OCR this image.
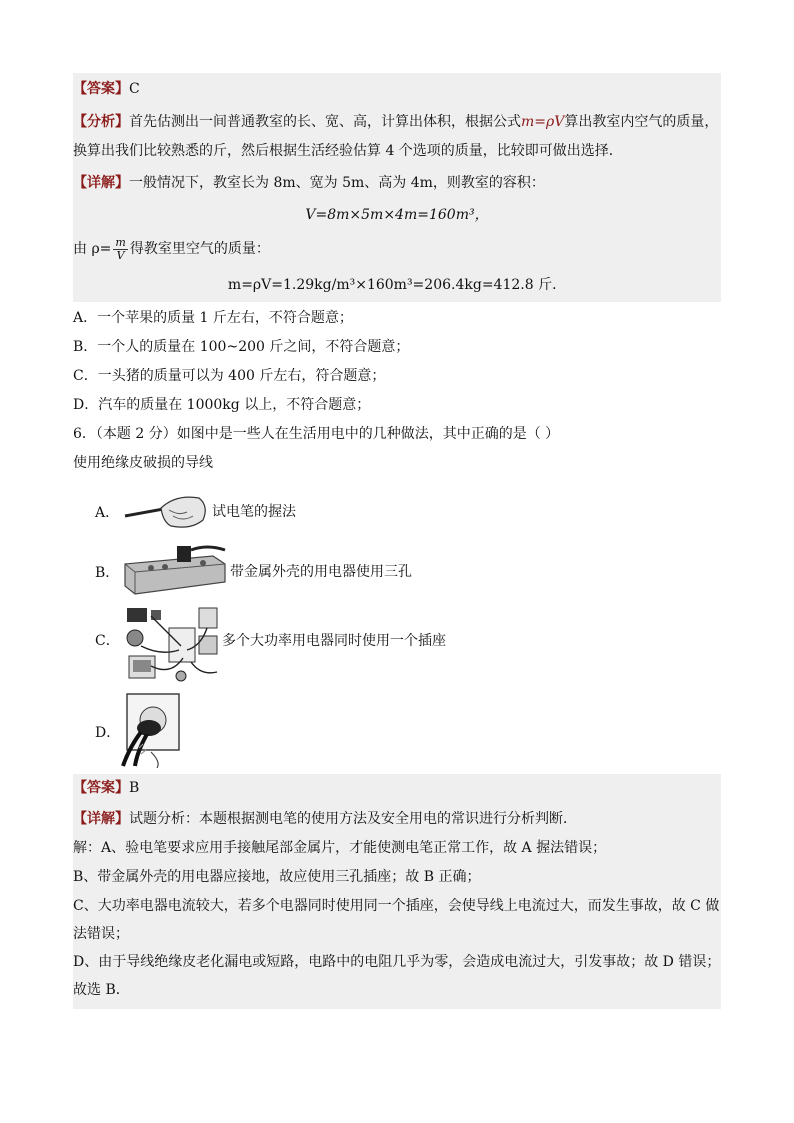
【答案】C
【分析】首先估测出一间普通教室的长、宽、高，计算出体积，根据公式m=ρV算出教室内空气的质量，
换算出我们比较熟悉的斤，然后根据生活经验估算 4 个选项的质量，比较即可做出选择．
【详解】一般情况下，教室长为 8m、宽为 5m、高为 4m，则教室的容积：
V=8m×5m×4m=160m³，
由 $\rho= \frac{m}{V}$ 得教室里空气的质量：
m=ρV=1.29kg/m³×160m³=206.4kg=412.8 斤．
A．一个苹果的质量 1 斤左右，不符合题意；
B．一个人的质量在 100~200 斤之间，不符合题意；
C．一头猪的质量可以为 400 斤左右，符合题意；
D．汽车的质量在 1000kg 以上，不符合题意；
6．（本题 2 分）如图中是一些人在生活用电中的几种做法，其中正确的是（ ）
使用绝缘皮破损的导线
A．	试电笔的握法
B．	带金属外壳的用电器使用三孔
C．	多个大功率用电器同时使用一个插座
D．
【答案】B
【详解】试题分析：本题根据测电笔的使用方法及安全用电的常识进行分析判断．
解：A、验电笔要求应用手接触尾部金属片，才能使测电笔正常工作，故 A 握法错误；
B、带金属外壳的用电器应接地，故应使用三孔插座；故 B 正确；
C、大功率电器电流较大，若多个电器同时使用同一个插座，会使导线上电流过大，而发生事故，故 C 做法错误；
D、由于导线绝缘皮老化漏电或短路，电路中的电阻几乎为零，会造成电流过大，引发事故；故 D 错误；
故选 B．
